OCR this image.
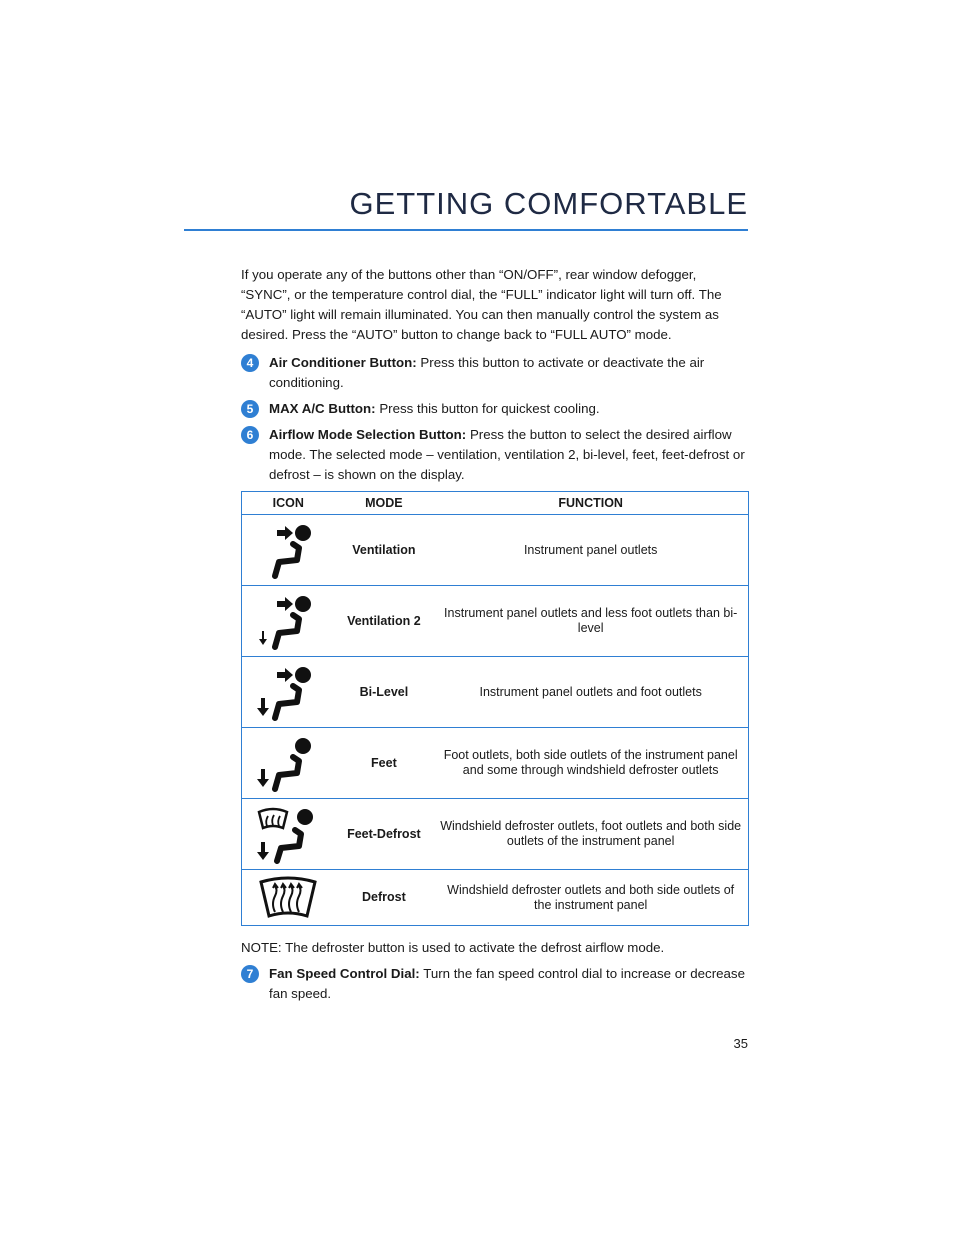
GETTING COMFORTABLE

If you operate any of the buttons other than “ON/OFF”, rear window defogger, “SYNC”, or the temperature control dial, the “FULL” indicator light will turn off. The “AUTO” light will remain illuminated. You can then manually control the system as desired. Press the “AUTO” button to change back to “FULL AUTO” mode.

4	Air Conditioner Button: Press this button to activate or deactivate the air conditioning.
5	MAX A/C Button: Press this button for quickest cooling.
6	Airflow Mode Selection Button: Press the button to select the desired airflow mode. The selected mode – ventilation, ventilation 2, bi-level, feet, feet-defrost or defrost – is shown on the display.
ICON	MODE	FUNCTION

	Ventilation	Instrument panel outlets

	Ventilation 2	Instrument panel outlets and less foot outlets than bi-level

	Bi-Level	Instrument panel outlets and foot outlets

	Feet	Foot outlets, both side outlets of the instrument panel and some through windshield defroster outlets

	Feet-Defrost	Windshield defroster outlets, foot outlets and both side outlets of the instrument panel

	Defrost	Windshield defroster outlets and both side outlets of the instrument panel

NOTE: The defroster button is used to activate the defrost airflow mode.

7	Fan Speed Control Dial: Turn the fan speed control dial to increase or decrease fan speed.
35
